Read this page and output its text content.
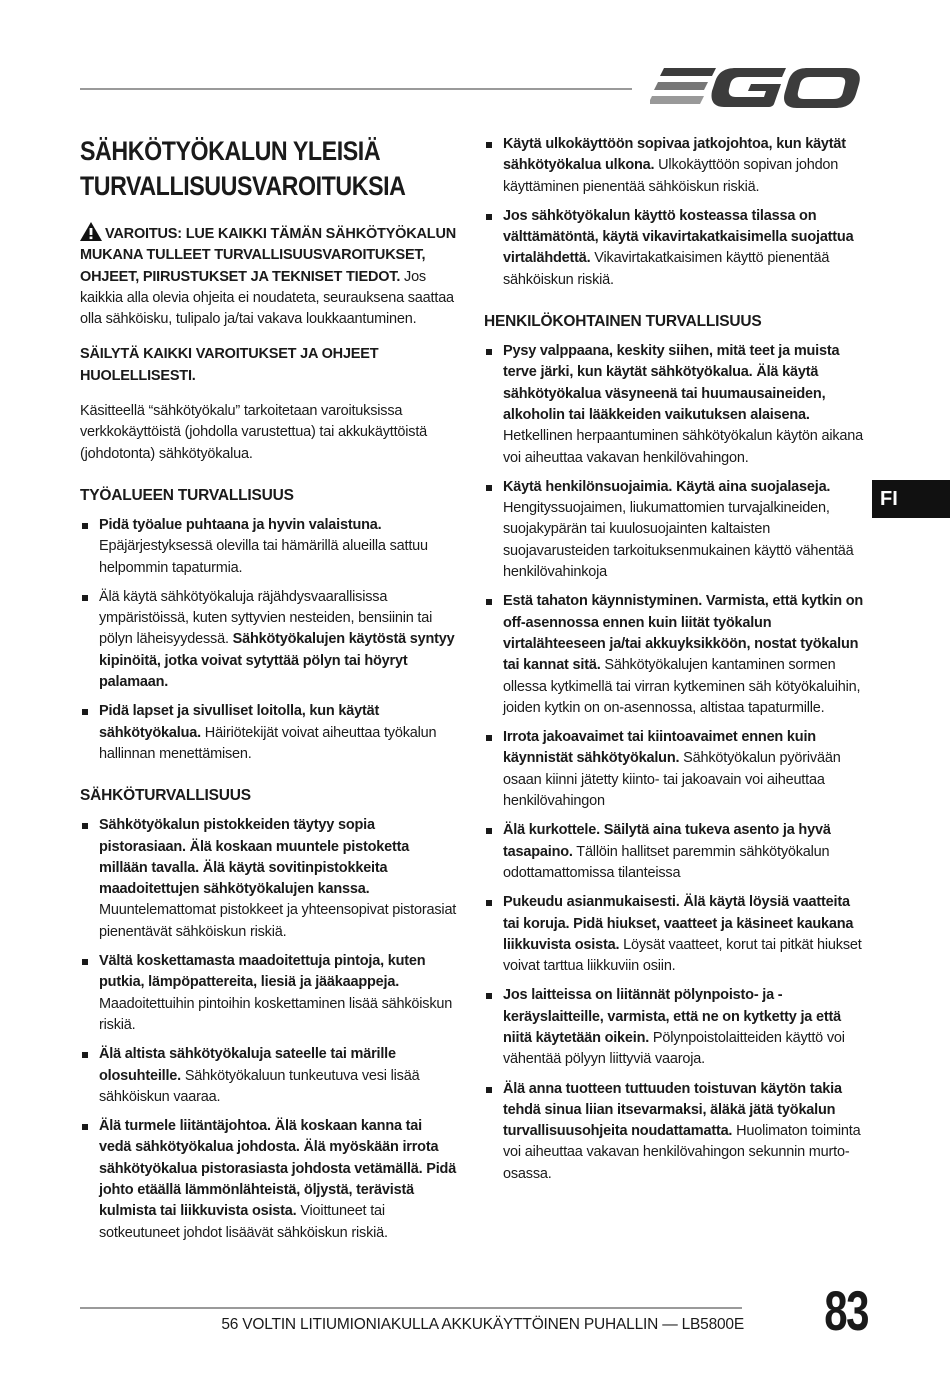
SÄHKÖTYÖKALUN YLEISIÄ
TURVALLISUUSVAROITUKSIA

VAROITUS: LUE KAIKKI TÄMÄN SÄHKÖTYÖKALUN MUKANA TULLEET TURVALLISUUSVAROITUKSET, OHJEET, PIIRUSTUKSET JA TEKNISET TIEDOT. Jos kaikkia alla olevia ohjeita ei noudateta, seurauksena saattaa olla sähköisku, tulipalo ja/tai vakava loukkaantuminen.

SÄILYTÄ KAIKKI VAROITUKSET JA OHJEET HUOLELLISESTI.

Käsitteellä “sähkötyökalu” tarkoitetaan varoituksissa verkkokäyttöistä (johdolla varustettua) tai akkukäyttöistä (johdotonta) sähkötyökalua.

TYÖALUEEN TURVALLISUUS
Pidä työalue puhtaana ja hyvin valaistuna. Epäjärjestyksessä olevilla tai hämärillä alueilla sattuu helpommin tapaturmia.
Älä käytä sähkötyökaluja räjähdysvaarallisissa ympäristöissä, kuten syttyvien nesteiden, bensiinin tai pölyn läheisyydessä. Sähkötyökalujen käytöstä syntyy kipinöitä, jotka voivat sytyttää pölyn tai höyryt palamaan.
Pidä lapset ja sivulliset loitolla, kun käytät sähkötyökalua. Häiriötekijät voivat aiheuttaa työkalun hallinnan menettämisen.
SÄHKÖTURVALLISUUS
Sähkötyökalun pistokkeiden täytyy sopia pistorasiaan. Älä koskaan muuntele pistoketta millään tavalla. Älä käytä sovitinpistokkeita maadoitettujen sähkötyökalujen kanssa. Muuntelemattomat pistokkeet ja yhteensopivat pistorasiat pienentävät sähköiskun riskiä.
Vältä koskettamasta maadoitettuja pintoja, kuten putkia, lämpöpattereita, liesiä ja jääkaappeja. Maadoitettuihin pintoihin koskettaminen lisää sähköiskun riskiä.
Älä altista sähkötyökaluja sateelle tai märille olosuhteille. Sähkötyökaluun tunkeutuva vesi lisää sähköiskun vaaraa.
Älä turmele liitäntäjohtoa. Älä koskaan kanna tai vedä sähkötyökalua johdosta. Älä myöskään irrota sähkötyökalua pistorasiasta johdosta vetämällä. Pidä johto etäällä lämmönlähteistä, öljystä, terävistä kulmista tai liikkuvista osista. Vioittuneet tai sotkeutuneet johdot lisäävät sähköiskun riskiä.
Käytä ulkokäyttöön sopivaa jatkojohtoa, kun käytät sähkötyökalua ulkona. Ulkokäyttöön sopivan johdon käyttäminen pienentää sähköiskun riskiä.
Jos sähkötyökalun käyttö kosteassa tilassa on välttämätöntä, käytä vikavirtakatkaisimella suojattua virtalähdettä. Vikavirtakatkaisimen käyttö pienentää sähköiskun riskiä.
HENKILÖKOHTAINEN TURVALLISUUS
Pysy valppaana, keskity siihen, mitä teet ja muista terve järki, kun käytät sähkötyökalua. Älä käytä sähkötyökalua väsyneenä tai huumausaineiden, alkoholin tai lääkkeiden vaikutuksen alaisena. Hetkellinen herpaantuminen sähkötyökalun käytön aikana voi aiheuttaa vakavan henkilövahingon.
Käytä henkilönsuojaimia. Käytä aina suojalaseja. Hengityssuojaimen, liukumattomien turvajalkineiden, suojakypärän tai kuulosuojainten kaltaisten suojavarusteiden tarkoituksenmukainen käyttö vähentää henkilövahinkoja
Estä tahaton käynnistyminen. Varmista, että kytkin on off-asennossa ennen kuin liität työkalun virtalähteeseen ja/tai akkuyksikköön, nostat työkalun tai kannat sitä. Sähkötyökalujen kantaminen sormen ollessa kytkimellä tai virran kytkeminen säh kötyökaluihin, joiden kytkin on on-asennossa, altistaa tapaturmille.
Irrota jakoavaimet tai kiintoavaimet ennen kuin käynnistät sähkötyökalun. Sähkötyökalun pyörivään osaan kiinni jätetty kiinto- tai jakoavain voi aiheuttaa henkilövahingon
Älä kurkottele. Säilytä aina tukeva asento ja hyvä tasapaino. Tällöin hallitset paremmin sähkötyökalun odottamattomissa tilanteissa
Pukeudu asianmukaisesti. Älä käytä löysiä vaatteita tai koruja. Pidä hiukset, vaatteet ja käsineet kaukana liikkuvista osista. Löysät vaatteet, korut tai pitkät hiukset voivat tarttua liikkuviin osiin.
Jos laitteissa on liitännät pölynpoisto- ja -keräyslaitteille, varmista, että ne on kytketty ja että niitä käytetään oikein. Pölynpoistolaitteiden käyttö voi vähentää pölyyn liittyviä vaaroja.
Älä anna tuotteen tuttuuden toistuvan käytön takia tehdä sinua liian itsevarmaksi, äläkä jätä työkalun turvallisuusohjeita noudattamatta. Huolimaton toiminta voi aiheuttaa vakavan henkilövahingon sekunnin murto-osassa.
FI
56 VOLTIN LITIUMIONIAKULLA AKKUKÄYTTÖINEN PUHALLIN — LB5800E 83
